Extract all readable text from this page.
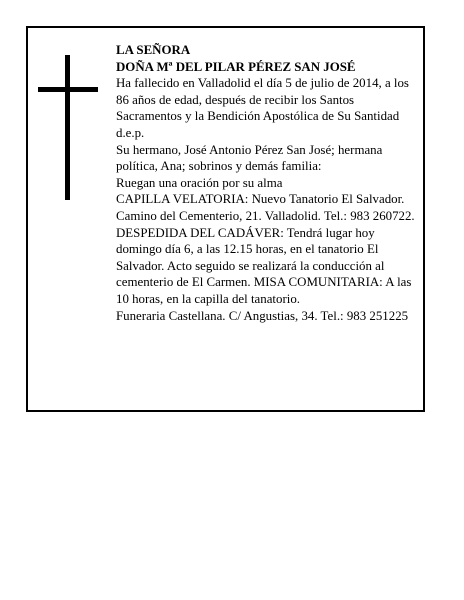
LA SEÑORA

DOÑA Mª DEL PILAR PÉREZ SAN JOSÉ

Ha fallecido en Valladolid el día 5 de julio de 2014, a los 86 años de edad, después de recibir los Santos Sacramentos y la Bendición Apostólica de Su Santidad d.e.p.

Su hermano, José Antonio Pérez San José; hermana política, Ana; sobrinos y demás familia:

Ruegan una oración por su alma

CAPILLA VELATORIA: Nuevo Tanatorio El Salvador. Camino del Cementerio, 21. Valladolid. Tel.: 983 260722.

DESPEDIDA DEL CADÁVER: Tendrá lugar hoy domingo día 6, a las 12.15 horas, en el tanatorio El Salvador. Acto seguido se realizará la conducción al cementerio de El Carmen. MISA COMUNITARIA: A las 10 horas, en la capilla del tanatorio.

Funeraria Castellana. C/ Angustias, 34. Tel.: 983 251225
